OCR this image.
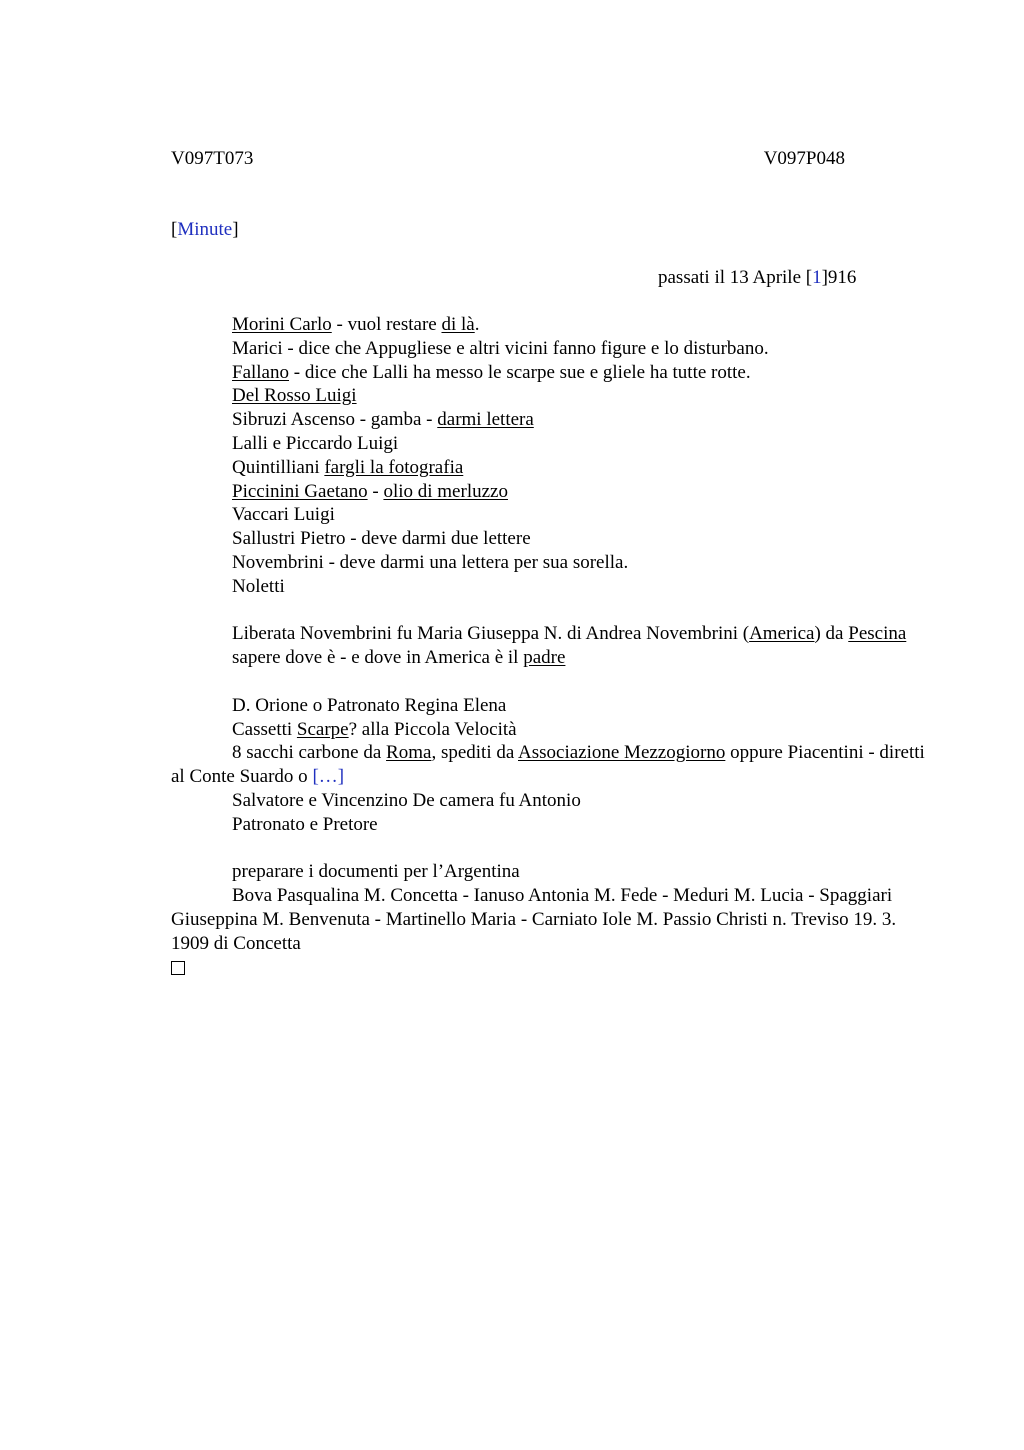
V097T073	V097P048
[Minute]
passati il 13 Aprile [1]916
Morini Carlo - vuol restare di là.
Marici - dice che Appugliese e altri vicini fanno figure e lo disturbano.
Fallano - dice che Lalli ha messo le scarpe sue e gliele ha tutte rotte.
Del Rosso Luigi
Sibruzi Ascenso - gamba - darmi lettera
Lalli e Piccardo Luigi
Quintilliani fargli la fotografia
Piccinini Gaetano - olio di merluzzo
Vaccari Luigi
Sallustri Pietro - deve darmi due lettere
Novembrini - deve darmi una lettera per sua sorella.
Noletti
Liberata Novembrini fu Maria Giuseppa N. di Andrea Novembrini (America) da Pescina
sapere dove è - e dove in America è il padre
D. Orione o Patronato Regina Elena
Cassetti Scarpe? alla Piccola Velocità
8 sacchi carbone da Roma, spediti da Associazione Mezzogiorno oppure Piacentini - diretti al Conte Suardo o […]
Salvatore e Vincenzino De camera fu Antonio
Patronato e Pretore
preparare i documenti per l’Argentina
Bova Pasqualina M. Concetta - Ianuso Antonia M. Fede - Meduri M. Lucia - Spaggiari Giuseppina M. Benvenuta - Martinello Maria - Carniato Iole M. Passio Christi n. Treviso 19. 3. 1909 di Concetta
